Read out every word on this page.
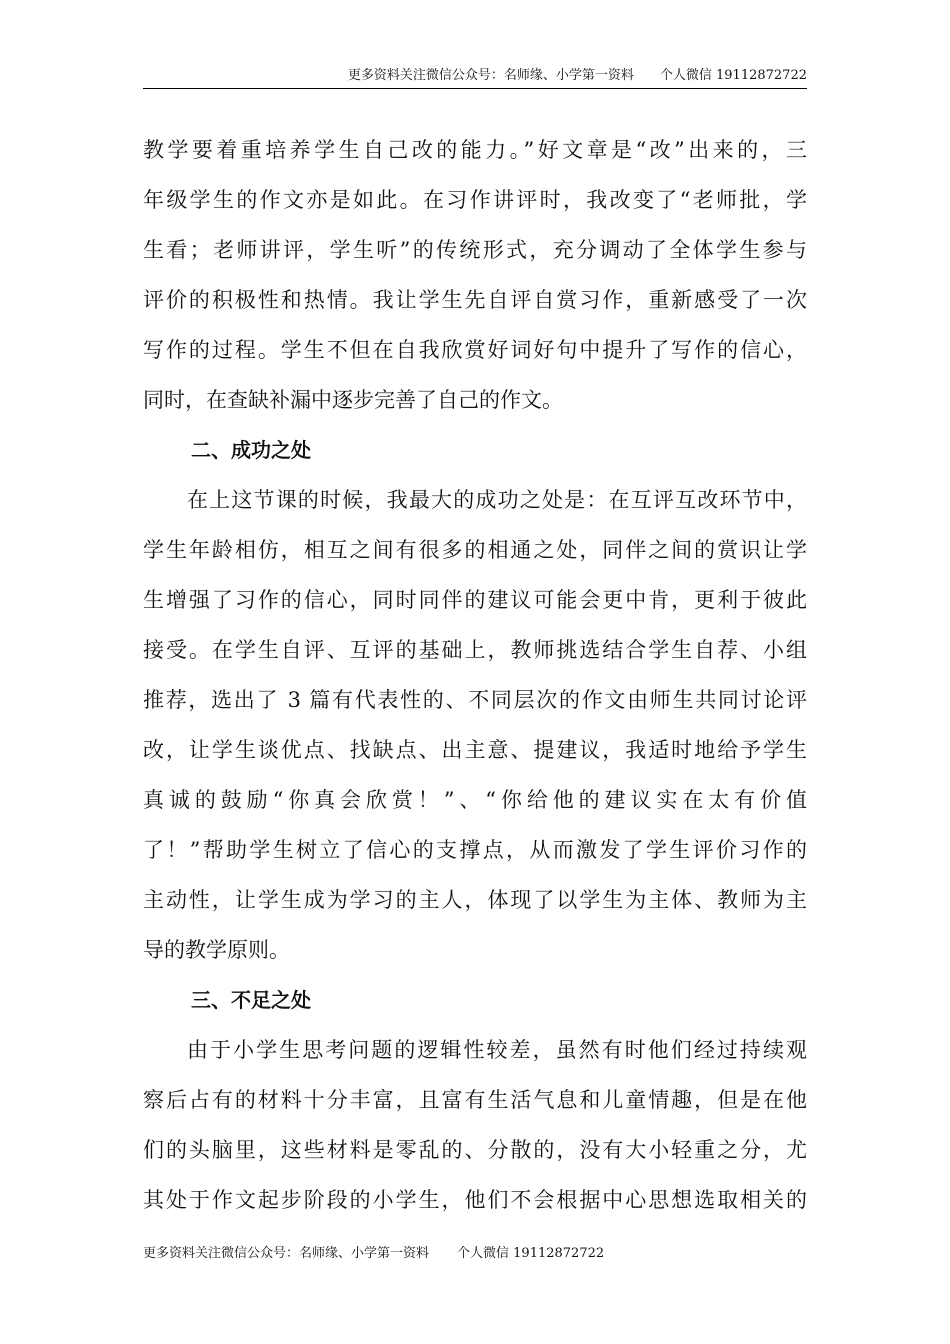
更多资料关注微信公众号：名师缘、小学第一资料 个人微信 19112872722
教学要着重培养学生自己改的能力。”好文章是“改”出来的，三
年级学生的作文亦是如此。在习作讲评时，我改变了“老师批，学
生看；老师讲评，学生听”的传统形式，充分调动了全体学生参与
评价的积极性和热情。我让学生先自评自赏习作，重新感受了一次
写作的过程。学生不但在自我欣赏好词好句中提升了写作的信心，
同时，在查缺补漏中逐步完善了自己的作文。
二、成功之处
在上这节课的时候，我最大的成功之处是：在互评互改环节中，
学生年龄相仿，相互之间有很多的相通之处，同伴之间的赏识让学
生增强了习作的信心，同时同伴的建议可能会更中肯，更利于彼此
接受。在学生自评、互评的基础上，教师挑选结合学生自荐、小组
推荐，选出了 3 篇有代表性的、不同层次的作文由师生共同讨论评
改，让学生谈优点、找缺点、出主意、提建议，我适时地给予学生
真诚的鼓励“你真会欣赏！”、“你给他的建议实在太有价值
了！”帮助学生树立了信心的支撑点，从而激发了学生评价习作的
主动性，让学生成为学习的主人，体现了以学生为主体、教师为主
导的教学原则。
三、不足之处
由于小学生思考问题的逻辑性较差，虽然有时他们经过持续观
察后占有的材料十分丰富，且富有生活气息和儿童情趣，但是在他
们的头脑里，这些材料是零乱的、分散的，没有大小轻重之分，尤
其处于作文起步阶段的小学生，他们不会根据中心思想选取相关的
更多资料关注微信公众号：名师缘、小学第一资料 个人微信 19112872722
